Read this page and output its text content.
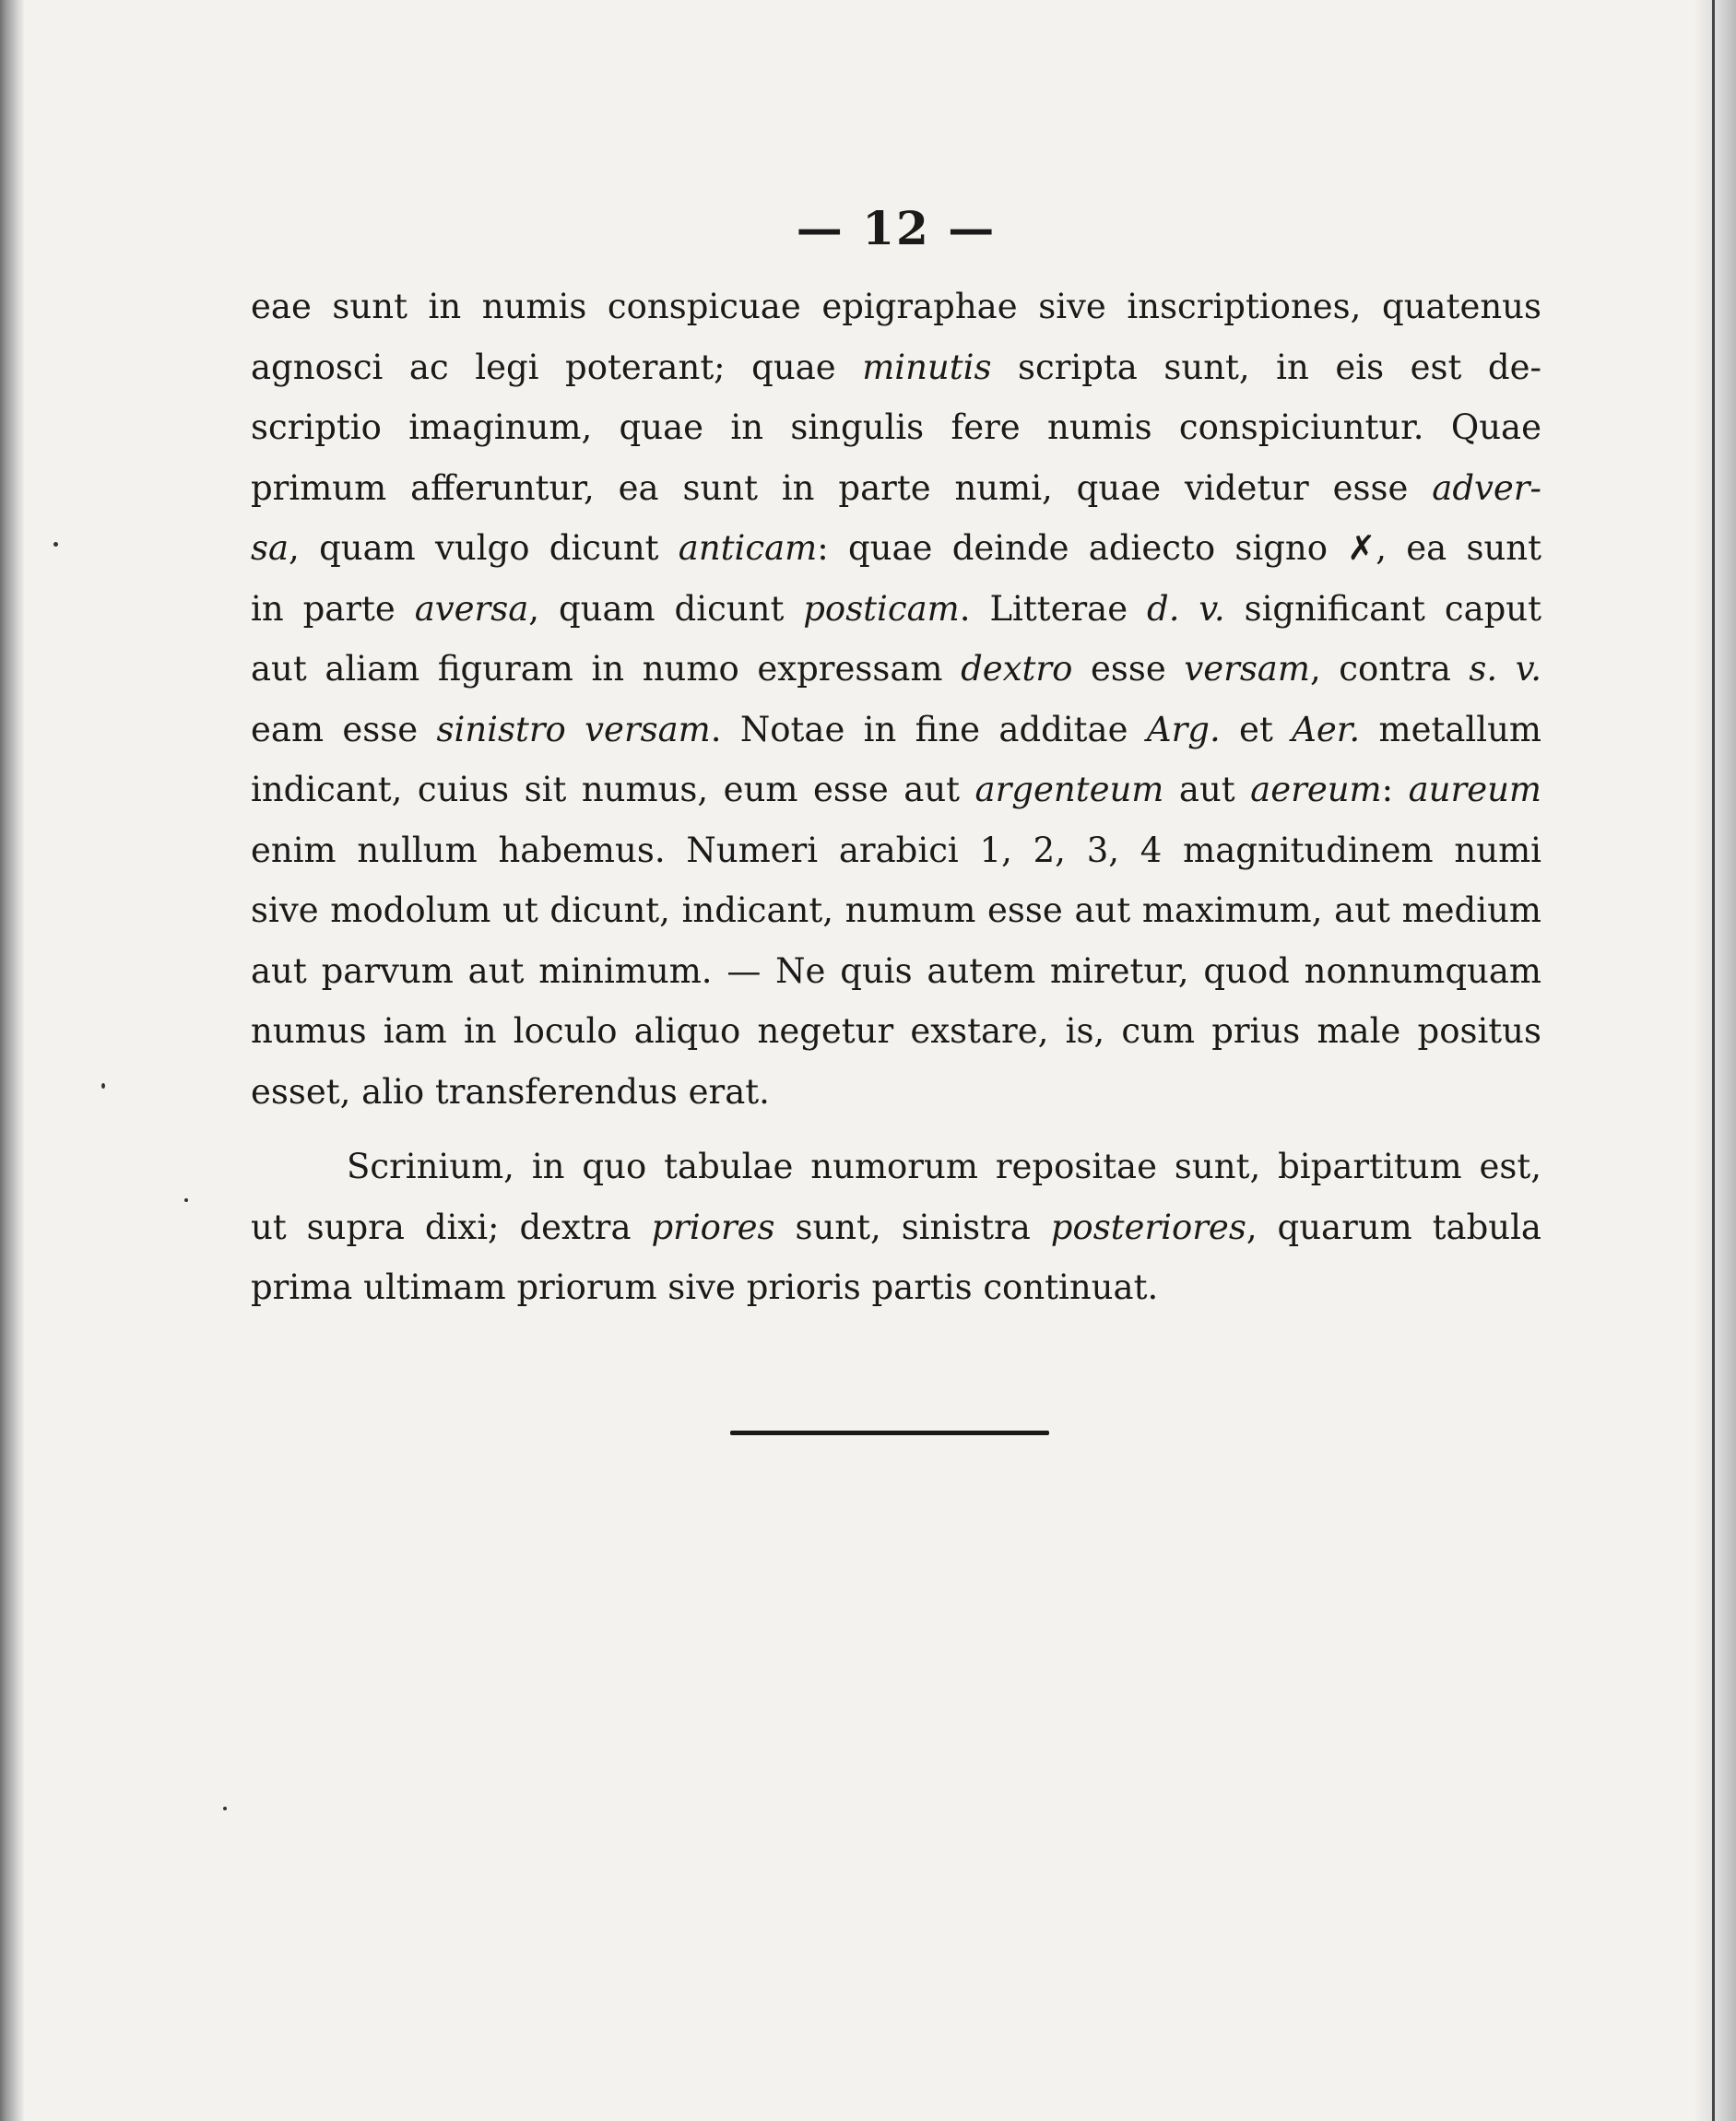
— 12 —

eae sunt in numis conspicuae epigraphae sive inscriptiones, quatenus
agnosci ac legi poterant; quae minutis scripta sunt, in eis est de-
scriptio imaginum, quae in singulis fere numis conspiciuntur. Quae
primum afferuntur, ea sunt in parte numi, quae videtur esse adver-
sa, quam vulgo dicunt anticam: quae deinde adiecto signo ✗, ea sunt
in parte aversa, quam dicunt posticam. Litterae d. v. significant caput
aut aliam figuram in numo expressam dextro esse versam, contra s. v.
eam esse sinistro versam. Notae in fine additae Arg. et Aer. metallum
indicant, cuius sit numus, eum esse aut argenteum aut aereum: aureum
enim nullum habemus. Numeri arabici 1, 2, 3, 4 magnitudinem numi
sive modolum ut dicunt, indicant, numum esse aut maximum, aut medium
aut parvum aut minimum. — Ne quis autem miretur, quod nonnumquam
numus iam in loculo aliquo negetur exstare, is, cum prius male positus
esset, alio transferendus erat.

Scrinium, in quo tabulae numorum repositae sunt, bipartitum est,
ut supra dixi; dextra priores sunt, sinistra posteriores, quarum tabula
prima ultimam priorum sive prioris partis continuat.
